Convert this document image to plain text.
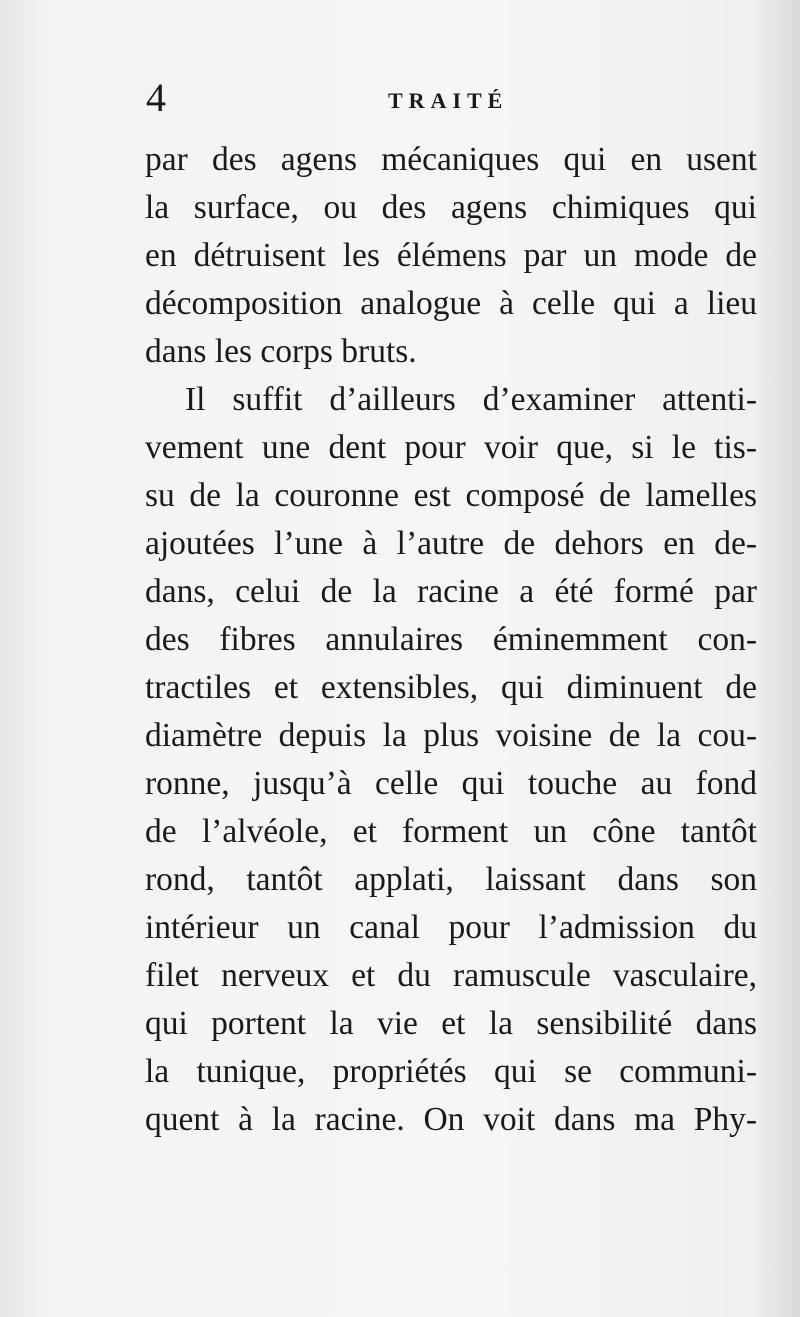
4	TRAITÉ
par des agens mécaniques qui en usent
la surface, ou des agens chimiques qui
en détruisent les élémens par un mode de
décomposition analogue à celle qui a lieu
dans les corps bruts.
Il suffit d’ailleurs d’examiner attenti-
vement une dent pour voir que, si le tis-
su de la couronne est composé de lamelles
ajoutées l’une à l’autre de dehors en de-
dans, celui de la racine a été formé par
des fibres annulaires éminemment con-
tractiles et extensibles, qui diminuent de
diamètre depuis la plus voisine de la cou-
ronne, jusqu’à celle qui touche au fond
de l’alvéole, et forment un cône tantôt
rond, tantôt applati, laissant dans son
intérieur un canal pour l’admission du
filet nerveux et du ramuscule vasculaire,
qui portent la vie et la sensibilité dans
la tunique, propriétés qui se communi-
quent à la racine. On voit dans ma Phy-
